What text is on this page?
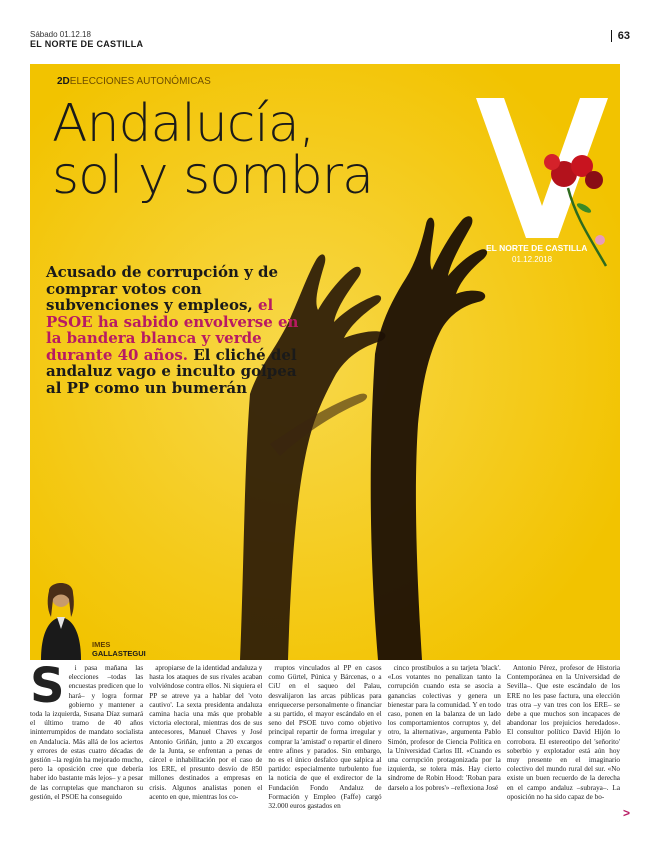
Sábado 01.12.18
EL NORTE DE CASTILLA
63
2DELECCIONES AUTONÓMICAS
Andalucía,
sol y sombra
Acusado de corrupción y de comprar votos con subvenciones y empleos, el PSOE ha sabido envolverse en la bandera blanca y verde durante 40 años. El cliché del andaluz vago e inculto golpea al PP como un bumerán
EL NORTE DE CASTILLA
01.12.2018
IMES
GALLASTEGUI
S	i pasa mañana las elecciones –todas las encuestas predicen que lo hará– y logra formar gobierno y mantener a toda la izquierda, Susana Díaz sumará el último tramo de 40 años ininterrumpidos de mandato socialista en Andalucía. Más allá de los aciertos y errores de estas cuatro décadas de gestión –la región ha mejorado mucho, pero la oposición cree que debería haber ido bastante más lejos– y a pesar de las corruptelas que mancharon su gestión, el PSOE ha conseguido

apropiarse de la identidad andaluza y hasta los ataques de sus rivales acaban volviéndose contra ellos. Ni siquiera el PP se atreve ya a hablar del 'voto cautivo'. La sexta presidenta andaluza camina hacia una más que probable victoria electoral, mientras dos de sus antecesores, Manuel Chaves y José Antonio Griñán, junto a 20 excargos de la Junta, se enfrentan a penas de cárcel e inhabilitación por el caso de los ERE, el presunto desvío de 850 millones destinados a empresas en crisis. Algunos analistas ponen el acento en que, mientras los co-

rruptos vinculados al PP en casos como Gürtel, Púnica y Bárcenas, o a CiU en el saqueo del Palau, desvalijaron las arcas públicas para enriquecerse personalmente o financiar a su partido, el mayor escándalo en el seno del PSOE tuvo como objetivo principal repartir de forma irregular y comprar la 'amistad' o repartir el dinero entre afines y parados. Sin embargo, no es el único desfalco que salpica al partido: especialmente turbulento fue la noticia de que el exdirector de la Fundación Fondo Andaluz de Formación y Empleo (Faffe) cargó 32.000 euros gastados en

cinco prostíbulos a su tarjeta 'black'. «Los votantes no penalizan tanto la corrupción cuando esta se asocia a ganancias colectivas y genera un bienestar para la comunidad. Y en todo caso, ponen en la balanza de un lado los comportamientos corruptos y, del otro, la alternativa», argumenta Pablo Simón, profesor de Ciencia Política en la Universidad Carlos III. «Cuando es una corrupción protagonizada por la izquierda, se tolera más. Hay cierto síndrome de Robin Hood: 'Roban para darselo a los pobres'» –reflexiona José

Antonio Pérez, profesor de Historia Contemporánea en la Universidad de Sevilla–. Que este escándalo de los ERE no les pase factura, una elección tras otra –y van tres con los ERE– se debe a que muchos son incapaces de abandonar los prejuicios heredados». El consultor político David Hijón lo corrobora. El estereotipo del 'señorito' soberbio y explotador está aún hoy muy presente en el imaginario colectivo del mundo rural del sur. «No existe un buen recuerdo de la derecha en el campo andaluz –subraya–. La oposición no ha sido capaz de bo-

>
